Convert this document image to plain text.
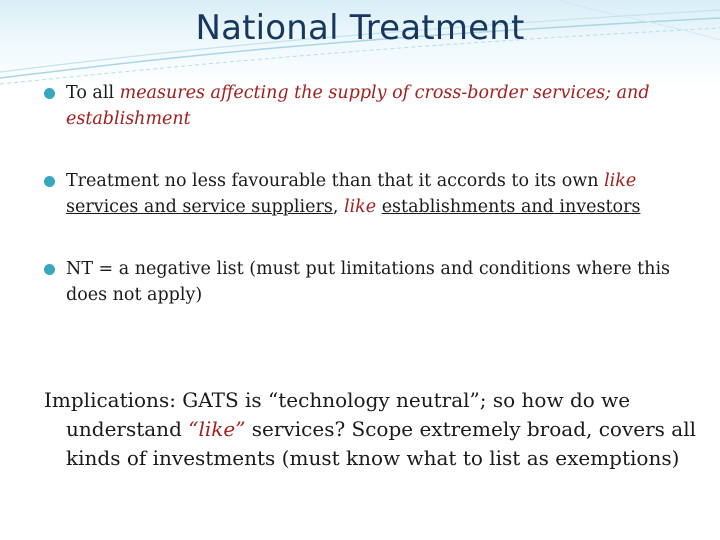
National Treatment
To all measures affecting the supply of cross-border services; and establishment
Treatment no less favourable than that it accords to its own like services and service suppliers, like establishments and investors
NT = a negative list (must put limitations and conditions where this does not apply)
Implications: GATS is “technology neutral”; so how do we understand “like” services? Scope extremely broad, covers all kinds of investments (must know what to list as exemptions)
